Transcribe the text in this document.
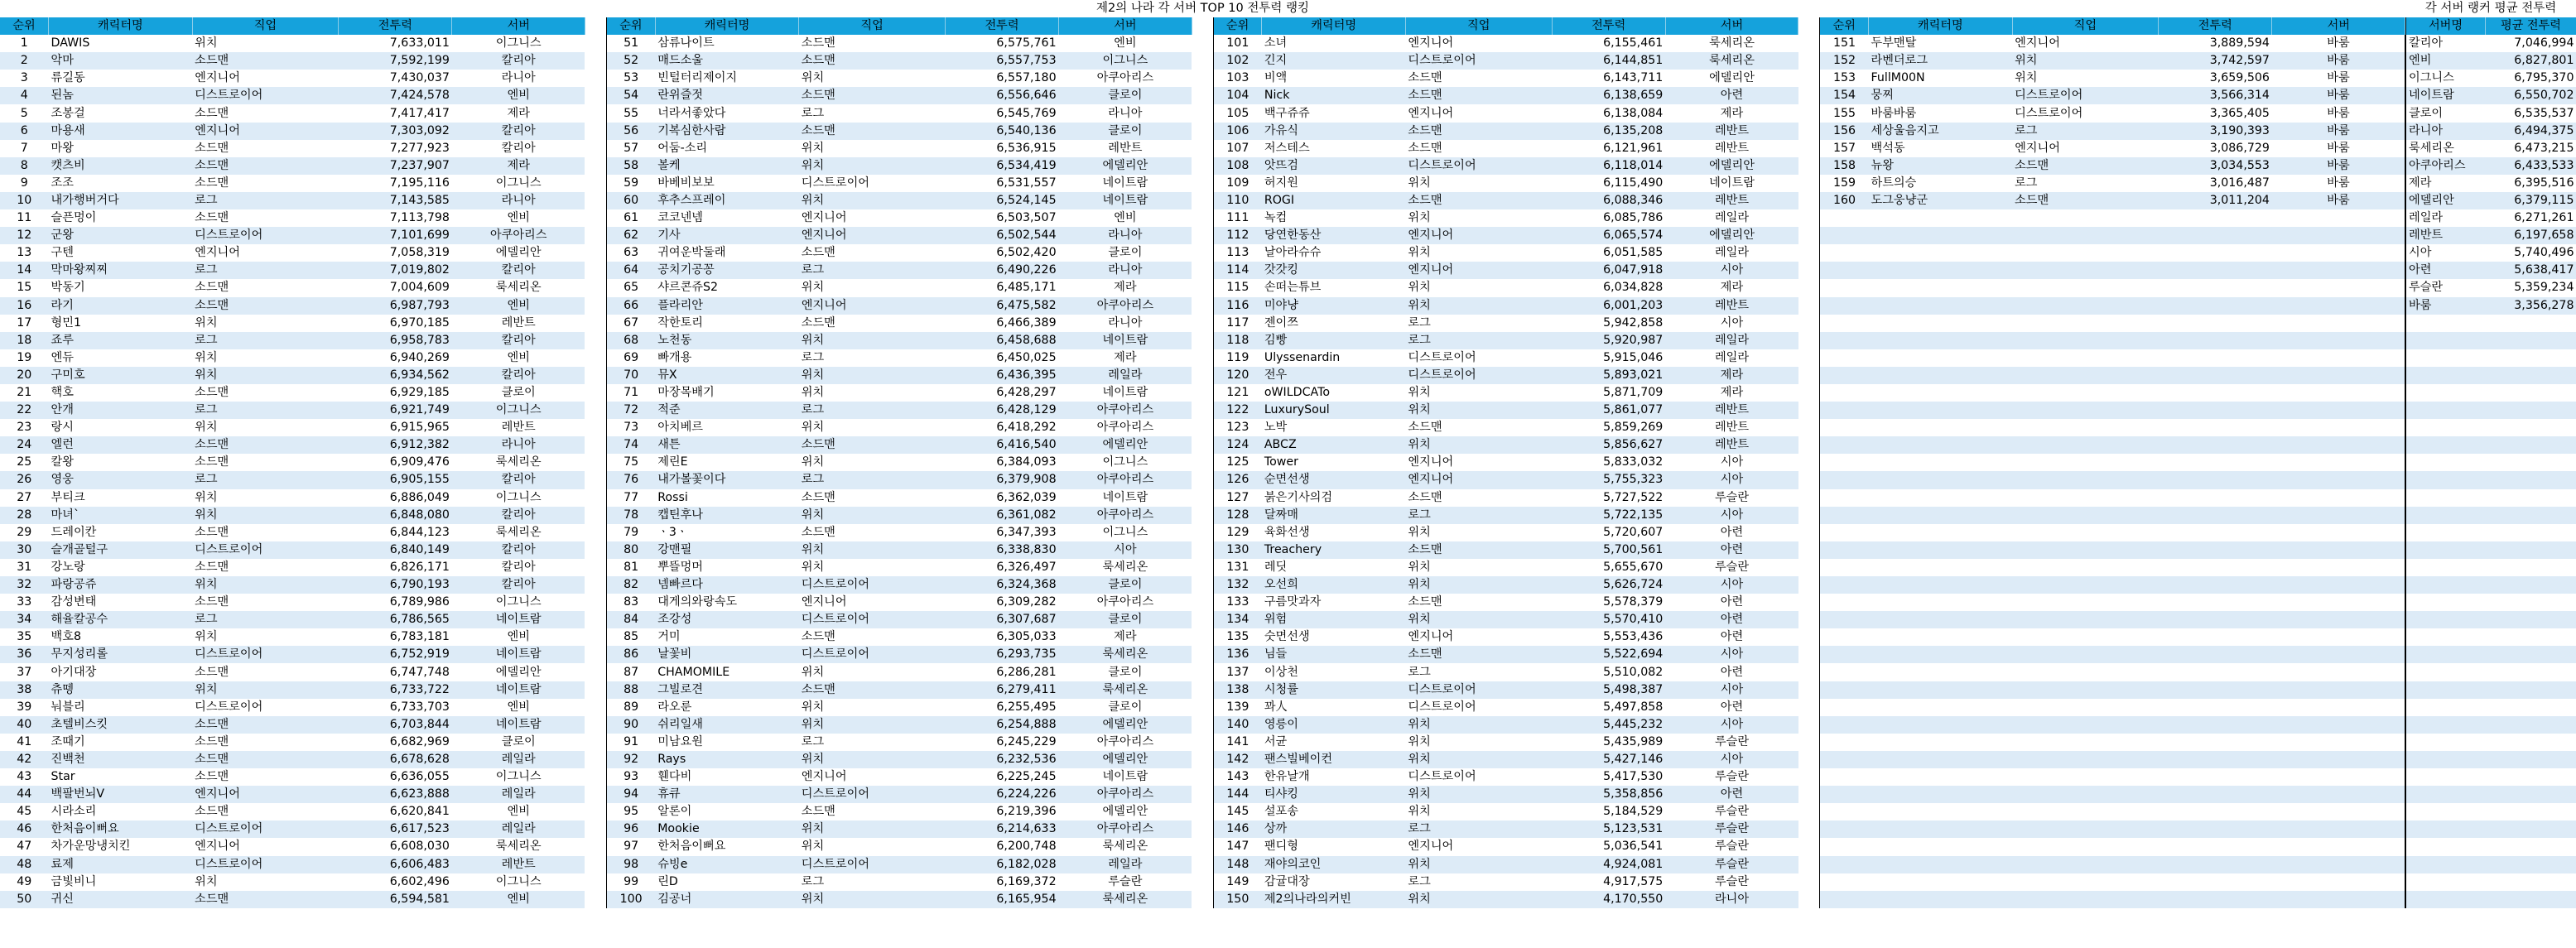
제2의 나라 각 서버 TOP 10 전투력 랭킹	각 서버 랭커 평균 전투력
순위	캐릭터명	직업	전투력	서버		순위	캐릭터명	직업	전투력	서버		순위	캐릭터명	직업	전투력	서버		순위	캐릭터명	직업	전투력	서버
1	DAWIS	위치	7,633,011	이그니스		51	삼류나이트	소드맨	6,575,761	엔비		101	소녀	엔지니어	6,155,461	룩세리온		151	두부맨탈	엔지니어	3,889,594	바룸
2	악마	소드맨	7,592,199	칼리아		52	매드소울	소드맨	6,557,753	이그니스		102	긴지	디스트로이어	6,144,851	룩세리온		152	라벤더로그	위치	3,742,597	바룸
3	류길동	엔지니어	7,430,037	라니아		53	빈털터리제이지	위치	6,557,180	아쿠아리스		103	비액	소드맨	6,143,711	에델리안		153	FullM00N	위치	3,659,506	바룸
4	된놈	디스트로이어	7,424,578	엔비		54	란위즐젓	소드맨	6,556,646	클로이		104	Nick	소드맨	6,138,659	아련		154	뭉찌	디스트로이어	3,566,314	바룸
5	조봉걸	소드맨	7,417,417	제라		55	너라서좋았다	로그	6,545,769	라니아		105	백구쥬쥬	엔지니어	6,138,084	제라		155	바룸바룸	디스트로이어	3,365,405	바룸
6	마용새	엔지니어	7,303,092	칼리아		56	기복심한사람	소드맨	6,540,136	클로이		106	가유식	소드맨	6,135,208	레반트		156	세상울음지고	로그	3,190,393	바룸
7	마왕	소드맨	7,277,923	칼리아		57	어둠-소리	위치	6,536,915	레반트		107	저스테스	소드맨	6,121,961	레반트		157	백석동	엔지니어	3,086,729	바룸
8	캣츠비	소드맨	7,237,907	제라		58	볼케	위치	6,534,419	에델리안		108	앗뜨검	디스트로이어	6,118,014	에델리안		158	뉴왕	소드맨	3,034,553	바룸
9	조조	소드맨	7,195,116	이그니스		59	바베비보보	디스트로이어	6,531,557	네이트람		109	허지원	위치	6,115,490	네이트람		159	하트의승	로그	3,016,487	바룸
10	내가행버거다	로그	7,143,585	라니아		60	후추스프레이	위치	6,524,145	네이트람		110	ROGI	소드맨	6,088,346	레반트		160	도그웅냥군	소드맨	3,011,204	바룸
11	슬픈멍이	소드맨	7,113,798	엔비		61	코코넨넴	엔지니어	6,503,507	엔비		111	녹컴	위치	6,085,786	레일라						
12	군왕	디스트로이어	7,101,699	아쿠아리스		62	기사	엔지니어	6,502,544	라니아		112	당연한동산	엔지니어	6,065,574	에델리안						
13	구텐	엔지니어	7,058,319	에델리안		63	귀여운박둘래	소드맨	6,502,420	클로이		113	날아라슈슈	위치	6,051,585	레일라						
14	막마왕찌찌	로그	7,019,802	칼리아		64	공치기공꽁	로그	6,490,226	라니아		114	갓갓킹	엔지니어	6,047,918	시아						
15	박동기	소드맨	7,004,609	룩세리온		65	샤르콘쥬S2	위치	6,485,171	제라		115	손떠는튜브	위치	6,034,828	제라						
16	라기	소드맨	6,987,793	엔비		66	플라리안	엔지니어	6,475,582	아쿠아리스		116	미야냥	위치	6,001,203	레반트						
17	형민1	위치	6,970,185	레반트		67	작한토리	소드맨	6,466,389	라니아		117	젠이쯔	로그	5,942,858	시아						
18	죠루	로그	6,958,783	칼리아		68	노천동	위치	6,458,688	네이트람		118	김빵	로그	5,920,987	레일라						
19	엔듀	위치	6,940,269	엔비		69	빠개용	로그	6,450,025	제라		119	Ulyssenardin	디스트로이어	5,915,046	레일라						
20	구미호	위치	6,934,562	칼리아		70	뮤X	위치	6,436,395	레일라		120	전우	디스트로이어	5,893,021	제라						
21	핵호	소드맨	6,929,185	클로이		71	마장목배기	위치	6,428,297	네이트람		121	oWILDCATo	위치	5,871,709	제라						
22	안개	로그	6,921,749	이그니스		72	적준	로그	6,428,129	아쿠아리스		122	LuxurySoul	위치	5,861,077	레반트						
23	랑시	위치	6,915,965	레반트		73	아치베르	위치	6,418,292	아쿠아리스		123	노박	소드맨	5,859,269	레반트						
24	엘런	소드맨	6,912,382	라니아		74	새튼	소드맨	6,416,540	에델리안		124	ABCZ	위치	5,856,627	레반트						
25	칼왕	소드맨	6,909,476	룩세리온		75	제린E	위치	6,384,093	이그니스		125	Tower	엔지니어	5,833,032	시아						
26	영웅	로그	6,905,155	칼리아		76	내가볼꽃이다	로그	6,379,908	아쿠아리스		126	순면선생	엔지니어	5,755,323	시아						
27	부티크	위치	6,886,049	이그니스		77	Rossi	소드맨	6,362,039	네이트람		127	붉은기사의검	소드맨	5,727,522	루슬란						
28	마녀`	위치	6,848,080	칼리아		78	캡틴후나	위치	6,361,082	아쿠아리스		128	달짜매	로그	5,722,135	시아						
29	드레이칸	소드맨	6,844,123	룩세리온		79	ㆍ3ㆍ	소드맨	6,347,393	이그니스		129	육화선생	위치	5,720,607	아련						
30	슬개골털구	디스트로이어	6,840,149	칼리아		80	강맨필	위치	6,338,830	시아		130	Treachery	소드맨	5,700,561	아련						
31	강노랑	소드맨	6,826,171	칼리아		81	뿌뜰멍머	위치	6,326,497	룩세리온		131	레딧	위치	5,655,670	루슬란						
32	파랑공쥬	위치	6,790,193	칼리아		82	넴빠르다	디스트로이어	6,324,368	클로이		132	오선희	위치	5,626,724	시아						
33	감성변태	소드맨	6,789,986	이그니스		83	대게의와랑속도	엔지니어	6,309,282	아쿠아리스		133	구름맛과자	소드맨	5,578,379	아련						
34	해율칼공수	로그	6,786,565	네이트람		84	조강성	디스트로이어	6,307,687	클로이		134	위험	위치	5,570,410	아련						
35	백호8	위치	6,783,181	엔비		85	거미	소드맨	6,305,033	제라		135	숫면선생	엔지니어	5,553,436	아련						
36	무지성리롤	디스트로이어	6,752,919	네이트람		86	날꽃비	디스트로이어	6,293,735	룩세리온		136	님들	소드맨	5,522,694	시아						
37	아기대장	소드맨	6,747,748	에델리안		87	CHAMOMILE	위치	6,286,281	클로이		137	이상천	로그	5,510,082	아련						
38	츄뗑	위치	6,733,722	네이트람		88	그빌로견	소드맨	6,279,411	룩세리온		138	시청률	디스트로이어	5,498,387	시아						
39	눠블리	디스트로이어	6,733,703	엔비		89	라오룬	위치	6,255,495	클로이		139	꽈人	디스트로이어	5,497,858	아련						
40	초텔비스킷	소드맨	6,703,844	네이트람		90	쉬리일새	위치	6,254,888	에델리안		140	영릉이	위치	5,445,232	시아						
41	조때기	소드맨	6,682,969	클로이		91	미남요원	로그	6,245,229	아쿠아리스		141	서균	위치	5,435,989	루슬란						
42	진백천	소드맨	6,678,628	레일라		92	Rays	위치	6,232,536	에델리안		142	팬스빌베이컨	위치	5,427,146	시아						
43	Star	소드맨	6,636,055	이그니스		93	휀다비	엔지니어	6,225,245	네이트람		143	한유날개	디스트로이어	5,417,530	루슬란						
44	백팔번뇌V	엔지니어	6,623,888	레일라		94	휴큐	디스트로이어	6,224,226	아쿠아리스		144	티샤킹	위치	5,358,856	아련						
45	시라소리	소드맨	6,620,841	엔비		95	알론이	소드맨	6,219,396	에델리안		145	설포송	위치	5,184,529	루슬란						
46	한처음이뻐요	디스트로이어	6,617,523	레일라		96	Mookie	위치	6,214,633	아쿠아리스		146	상까	로그	5,123,531	루슬란						
47	차가운망냉치킨	엔지니어	6,608,030	룩세리온		97	한처음이뻐요	위치	6,200,748	룩세리온		147	팬디형	엔지니어	5,036,541	루슬란						
48	료제	디스트로이어	6,606,483	레반트		98	슈빙e	디스트로이어	6,182,028	레일라		148	재야의코인	위치	4,924,081	루슬란						
49	금빛비니	위치	6,602,496	이그니스		99	린D	로그	6,169,372	루슬란		149	감귤대장	로그	4,917,575	루슬란						
50	귀신	소드맨	6,594,581	엔비		100	김공너	위치	6,165,954	룩세리온		150	제2의나라의커빈	위치	4,170,550	라니아						
서버명	평균 전투력
칼리아	7,046,994
엔비	6,827,801
이그니스	6,795,370
네이트람	6,550,702
클로이	6,535,537
라니아	6,494,375
룩세리온	6,473,215
아쿠아리스	6,433,533
제라	6,395,516
에델리안	6,379,115
레일라	6,271,261
레반트	6,197,658
시아	5,740,496
아련	5,638,417
루슬란	5,359,234
바룸	3,356,278
